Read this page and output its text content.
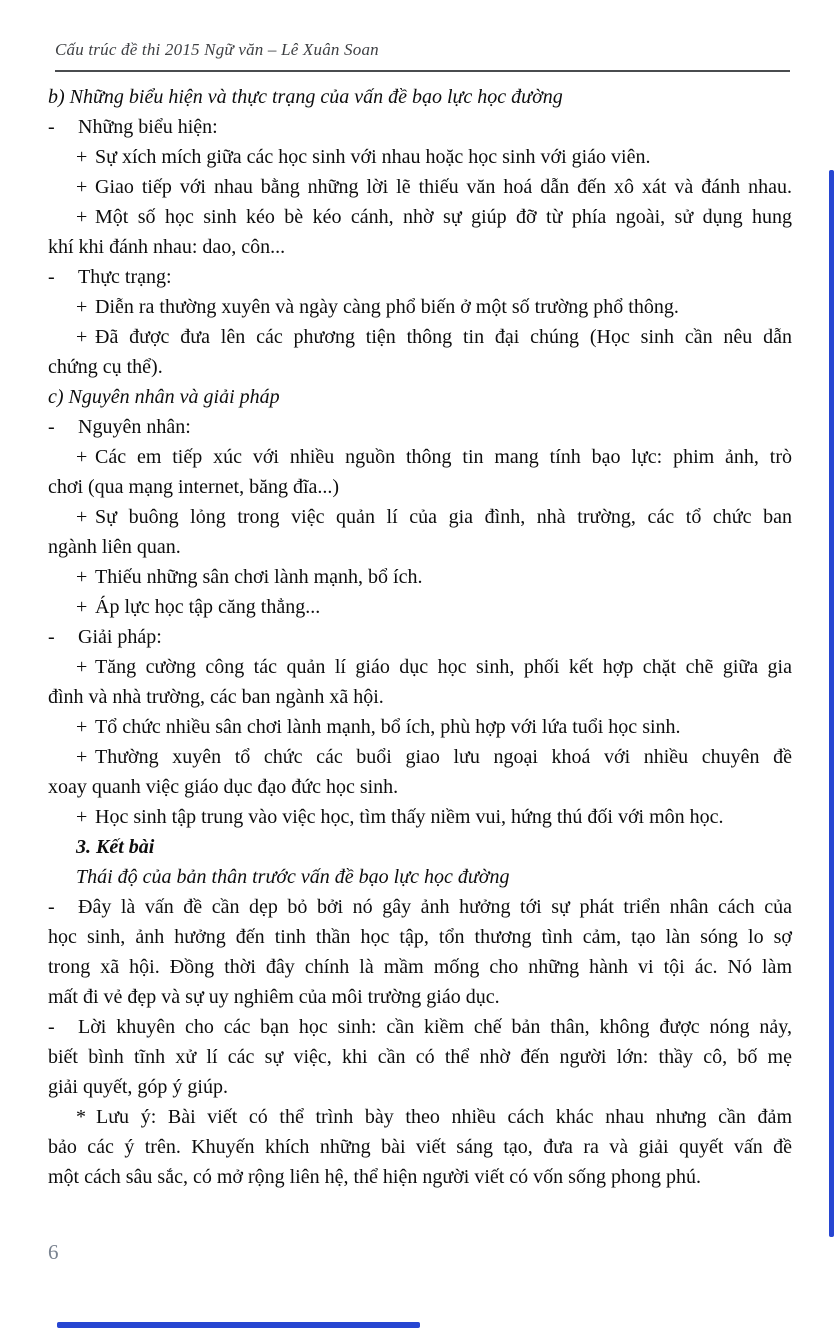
Cấu trúc đề thi 2015 Ngữ văn – Lê Xuân Soan
b) Những biểu hiện và thực trạng của vấn đề bạo lực học đường
- Những biểu hiện:
+ Sự xích mích giữa các học sinh với nhau hoặc học sinh với giáo viên.
+ Giao tiếp với nhau bằng những lời lẽ thiếu văn hoá dẫn đến xô xát và đánh nhau.
+ Một số học sinh kéo bè kéo cánh, nhờ sự giúp đỡ từ phía ngoài, sử dụng hung
khí khi đánh nhau: dao, côn...
- Thực trạng:
+ Diễn ra thường xuyên và ngày càng phổ biến ở một số trường phổ thông.
+ Đã được đưa lên các phương tiện thông tin đại chúng (Học sinh cần nêu dẫn
chứng cụ thể).
c) Nguyên nhân và giải pháp
- Nguyên nhân:
+ Các em tiếp xúc với nhiều nguồn thông tin mang tính bạo lực: phim ảnh, trò
chơi (qua mạng internet, băng đĩa...)
+ Sự buông lỏng trong việc quản lí của gia đình, nhà trường, các tổ chức ban
ngành liên quan.
+ Thiếu những sân chơi lành mạnh, bổ ích.
+ Áp lực học tập căng thẳng...
- Giải pháp:
+ Tăng cường công tác quản lí giáo dục học sinh, phối kết hợp chặt chẽ giữa gia
đình và nhà trường, các ban ngành xã hội.
+ Tổ chức nhiều sân chơi lành mạnh, bổ ích, phù hợp với lứa tuổi học sinh.
+ Thường xuyên tổ chức các buổi giao lưu ngoại khoá với nhiều chuyên đề
xoay quanh việc giáo dục đạo đức học sinh.
+ Học sinh tập trung vào việc học, tìm thấy niềm vui, hứng thú đối với môn học.
3. Kết bài
Thái độ của bản thân trước vấn đề bạo lực học đường
- Đây là vấn đề cần dẹp bỏ bởi nó gây ảnh hưởng tới sự phát triển nhân cách của
học sinh, ảnh hưởng đến tinh thần học tập, tổn thương tình cảm, tạo làn sóng lo sợ
trong xã hội. Đồng thời đây chính là mầm mống cho những hành vi tội ác. Nó làm
mất đi vẻ đẹp và sự uy nghiêm của môi trường giáo dục.
- Lời khuyên cho các bạn học sinh: cần kiềm chế bản thân, không được nóng nảy,
biết bình tĩnh xử lí các sự việc, khi cần có thể nhờ đến người lớn: thầy cô, bố mẹ
giải quyết, góp ý giúp.
* Lưu ý: Bài viết có thể trình bày theo nhiều cách khác nhau nhưng cần đảm
bảo các ý trên. Khuyến khích những bài viết sáng tạo, đưa ra và giải quyết vấn đề
một cách sâu sắc, có mở rộng liên hệ, thể hiện người viết có vốn sống phong phú.
6
